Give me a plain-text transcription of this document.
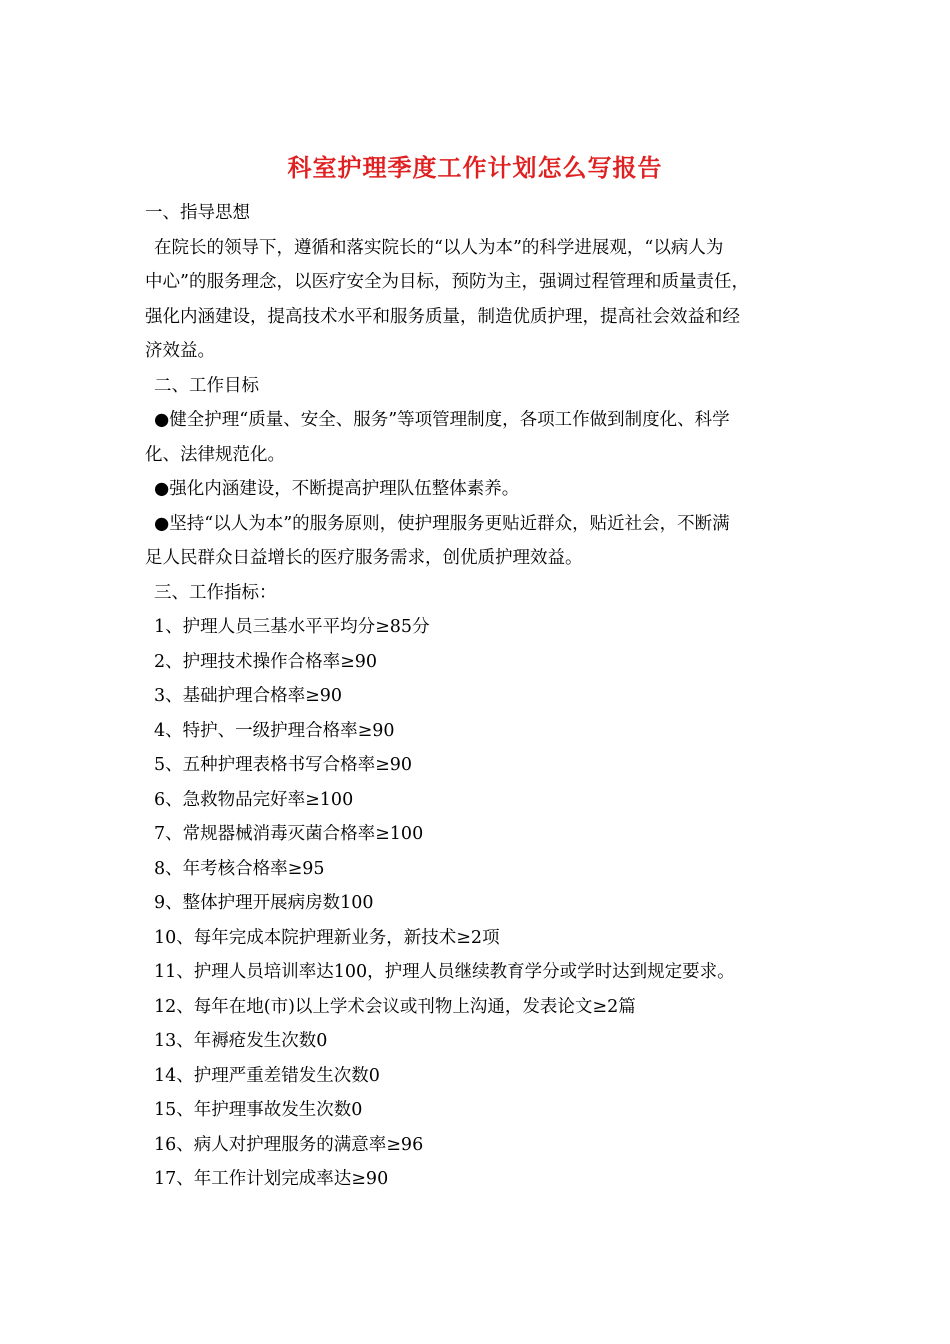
科室护理季度工作计划怎么写报告
一、指导思想
在院长的领导下，遵循和落实院长的“以人为本”的科学进展观，“以病人为
中心”的服务理念，以医疗安全为目标，预防为主，强调过程管理和质量责任，
强化内涵建设，提高技术水平和服务质量，制造优质护理，提高社会效益和经
济效益。
二、工作目标
●健全护理“质量、安全、服务”等项管理制度，各项工作做到制度化、科学
化、法律规范化。
●强化内涵建设，不断提高护理队伍整体素养。
●坚持“以人为本”的服务原则，使护理服务更贴近群众，贴近社会，不断满
足人民群众日益增长的医疗服务需求，创优质护理效益。
三、工作指标：
1、护理人员三基水平平均分≥85分
2、护理技术操作合格率≥90
3、基础护理合格率≥90
4、特护、一级护理合格率≥90
5、五种护理表格书写合格率≥90
6、急救物品完好率≥100
7、常规器械消毒灭菌合格率≥100
8、年考核合格率≥95
9、整体护理开展病房数100
10、每年完成本院护理新业务，新技术≥2项
11、护理人员培训率达100，护理人员继续教育学分或学时达到规定要求。
12、每年在地(市)以上学术会议或刊物上沟通，发表论文≥2篇
13、年褥疮发生次数0
14、护理严重差错发生次数0
15、年护理事故发生次数0
16、病人对护理服务的满意率≥96
17、年工作计划完成率达≥90
